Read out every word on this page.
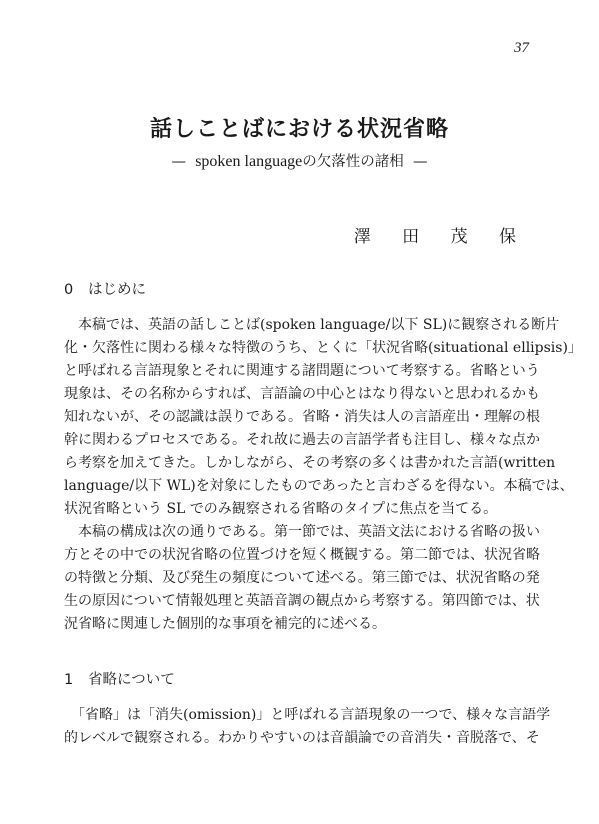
37
話しことばにおける状況省略
— spoken languageの欠落性の諸相 —
澤 田 茂 保
0 はじめに
　本稿では、英語の話しことば(spoken language/以下 SL)に観察される断片
化・欠落性に関わる様々な特徴のうち、とくに「状況省略(situational ellipsis)」
と呼ばれる言語現象とそれに関連する諸問題について考察する。省略という
現象は、その名称からすれば、言語論の中心とはなり得ないと思われるかも
知れないが、その認識は誤りである。省略・消失は人の言語産出・理解の根
幹に関わるプロセスである。それ故に過去の言語学者も注目し、様々な点か
ら考察を加えてきた。しかしながら、その考察の多くは書かれた言語(written
language/以下 WL)を対象にしたものであったと言わざるを得ない。本稿では、
状況省略という SL でのみ観察される省略のタイプに焦点を当てる。
　本稿の構成は次の通りである。第一節では、英語文法における省略の扱い
方とその中での状況省略の位置づけを短く概観する。第二節では、状況省略
の特徴と分類、及び発生の頻度について述べる。第三節では、状況省略の発
生の原因について情報処理と英語音調の観点から考察する。第四節では、状
況省略に関連した個別的な事項を補完的に述べる。
1 省略について
　「省略」は「消失(omission)」と呼ばれる言語現象の一つで、様々な言語学
的レベルで観察される。わかりやすいのは音韻論での音消失・音脱落で、そ
